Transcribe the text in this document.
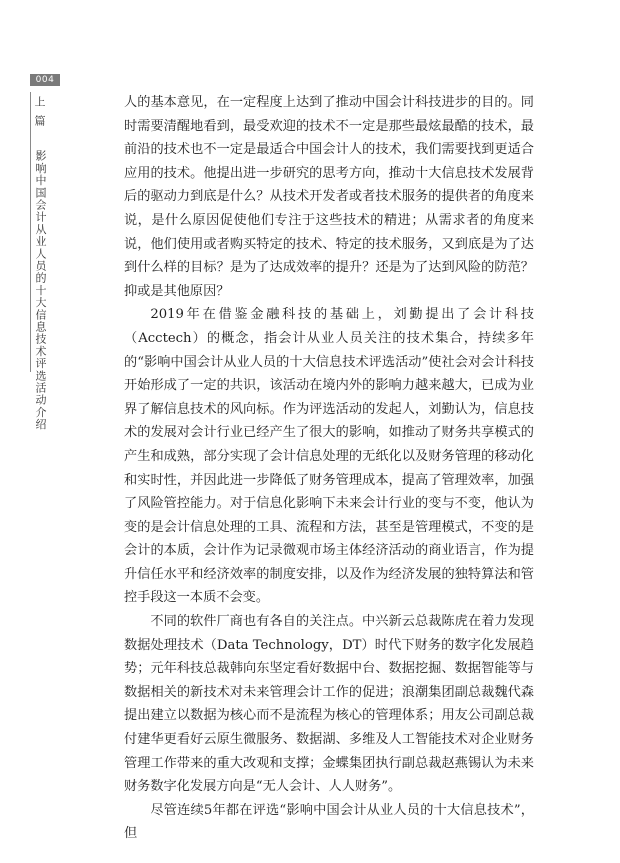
004
上篇
影响中国会计从业人员的十大信息技术评选活动介绍

人的基本意见，在一定程度上达到了推动中国会计科技进步的目的。同时需要清醒地看到，最受欢迎的技术不一定是那些最炫最酷的技术，最前沿的技术也不一定是最适合中国会计人的技术，我们需要找到更适合应用的技术。他提出进一步研究的思考方向，推动十大信息技术发展背后的驱动力到底是什么？从技术开发者或者技术服务的提供者的角度来说，是什么原因促使他们专注于这些技术的精进；从需求者的角度来说，他们使用或者购买特定的技术、特定的技术服务，又到底是为了达到什么样的目标？是为了达成效率的提升？还是为了达到风险的防范？抑或是其他原因？

2019年在借鉴金融科技的基础上，刘勤提出了会计科技（Acctech）的概念，指会计从业人员关注的技术集合，持续多年的“影响中国会计从业人员的十大信息技术评选活动”使社会对会计科技开始形成了一定的共识，该活动在境内外的影响力越来越大，已成为业界了解信息技术的风向标。作为评选活动的发起人，刘勤认为，信息技术的发展对会计行业已经产生了很大的影响，如推动了财务共享模式的产生和成熟，部分实现了会计信息处理的无纸化以及财务管理的移动化和实时性，并因此进一步降低了财务管理成本，提高了管理效率，加强了风险管控能力。对于信息化影响下未来会计行业的变与不变，他认为变的是会计信息处理的工具、流程和方法，甚至是管理模式，不变的是会计的本质，会计作为记录微观市场主体经济活动的商业语言，作为提升信任水平和经济效率的制度安排，以及作为经济发展的独特算法和管控手段这一本质不会变。

不同的软件厂商也有各自的关注点。中兴新云总裁陈虎在着力发现数据处理技术（Data Technology，DT）时代下财务的数字化发展趋势；元年科技总裁韩向东坚定看好数据中台、数据挖掘、数据智能等与数据相关的新技术对未来管理会计工作的促进；浪潮集团副总裁魏代森提出建立以数据为核心而不是流程为核心的管理体系；用友公司副总裁付建华更看好云原生微服务、数据湖、多维及人工智能技术对企业财务管理工作带来的重大改观和支撑；金蝶集团执行副总裁赵燕锡认为未来财务数字化发展方向是“无人会计、人人财务”。

尽管连续5年都在评选“影响中国会计从业人员的十大信息技术”，但
